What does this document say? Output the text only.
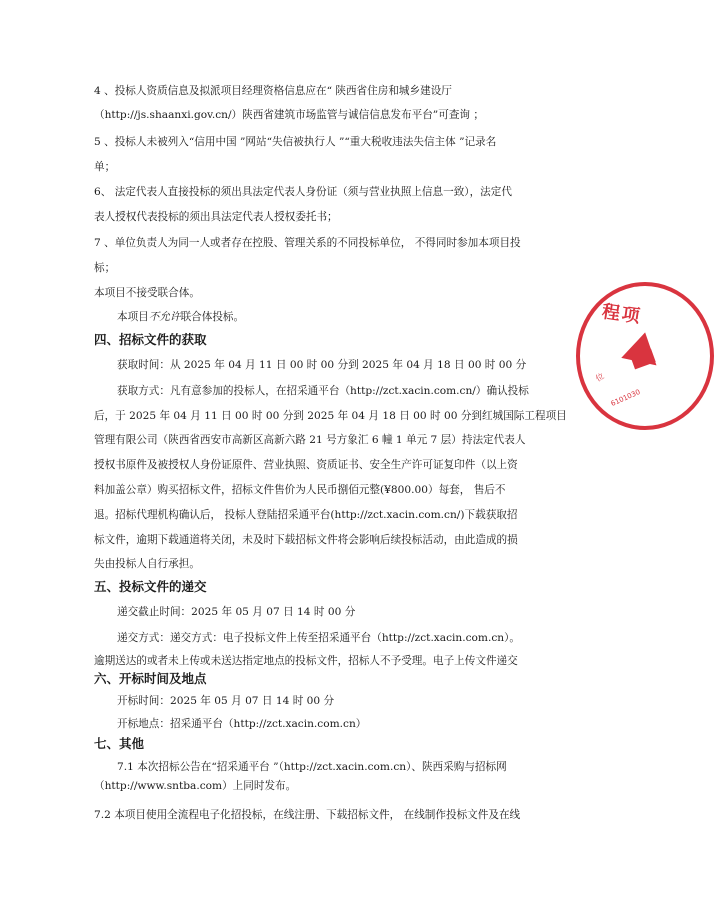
4 、投标人资质信息及拟派项目经理资格信息应在“ 陕西省住房和城乡建设厅
（http://js.shaanxi.gov.cn/）陕西省建筑市场监管与诚信信息发布平台”可查询 ；
5 、投标人未被列入“信用中国 ”网站“失信被执行人 ”“重大税收违法失信主体 ”记录名
单；
6、 法定代表人直接投标的须出具法定代表人身份证（须与营业执照上信息一致），法定代
表人授权代表投标的须出具法定代表人授权委托书；
7 、单位负责人为同一人或者存在控股、管理关系的不同投标单位， 不得同时参加本项目投
标；
本项目不接受联合体。
本项目不允许联合体投标。
四、招标文件的获取
获取时间：从 2025 年 04 月 11 日 00 时 00 分到 2025 年 04 月 18 日 00 时 00 分
获取方式：凡有意参加的投标人，在招采通平台（http://zct.xacin.com.cn/）确认投标
后，于 2025 年 04 月 11 日 00 时 00 分到 2025 年 04 月 18 日 00 时 00 分到红城国际工程项目
管理有限公司（陕西省西安市高新区高新六路 21 号方象汇 6 幢 1 单元 7 层）持法定代表人
授权书原件及被授权人身份证原件、营业执照、资质证书、安全生产许可证复印件（以上资
料加盖公章）购买招标文件，招标文件售价为人民币捌佰元整(¥800.00）每套， 售后不
退。招标代理机构确认后， 投标人登陆招采通平台(http://zct.xacin.com.cn/)下载获取招
标文件，逾期下载通道将关闭，未及时下载招标文件将会影响后续投标活动，由此造成的损
失由投标人自行承担。
五、投标文件的递交
递交截止时间：2025 年 05 月 07 日 14 时 00 分
递交方式：递交方式：电子投标文件上传至招采通平台（http://zct.xacin.com.cn）。
逾期送达的或者未上传或未送达指定地点的投标文件，招标人不予受理。电子上传文件递交
六、开标时间及地点
开标时间：2025 年 05 月 07 日 14 时 00 分
开标地点：招采通平台（http://zct.xacin.com.cn）
七、其他
7.1 本次招标公告在“招采通平台 ”（http://zct.xacin.com.cn）、陕西采购与招标网
（http://www.sntba.com）上同时发布。
7.2 本项目使用全流程电子化招投标，在线注册、下载招标文件， 在线制作投标文件及在线
程项
位
6101030
